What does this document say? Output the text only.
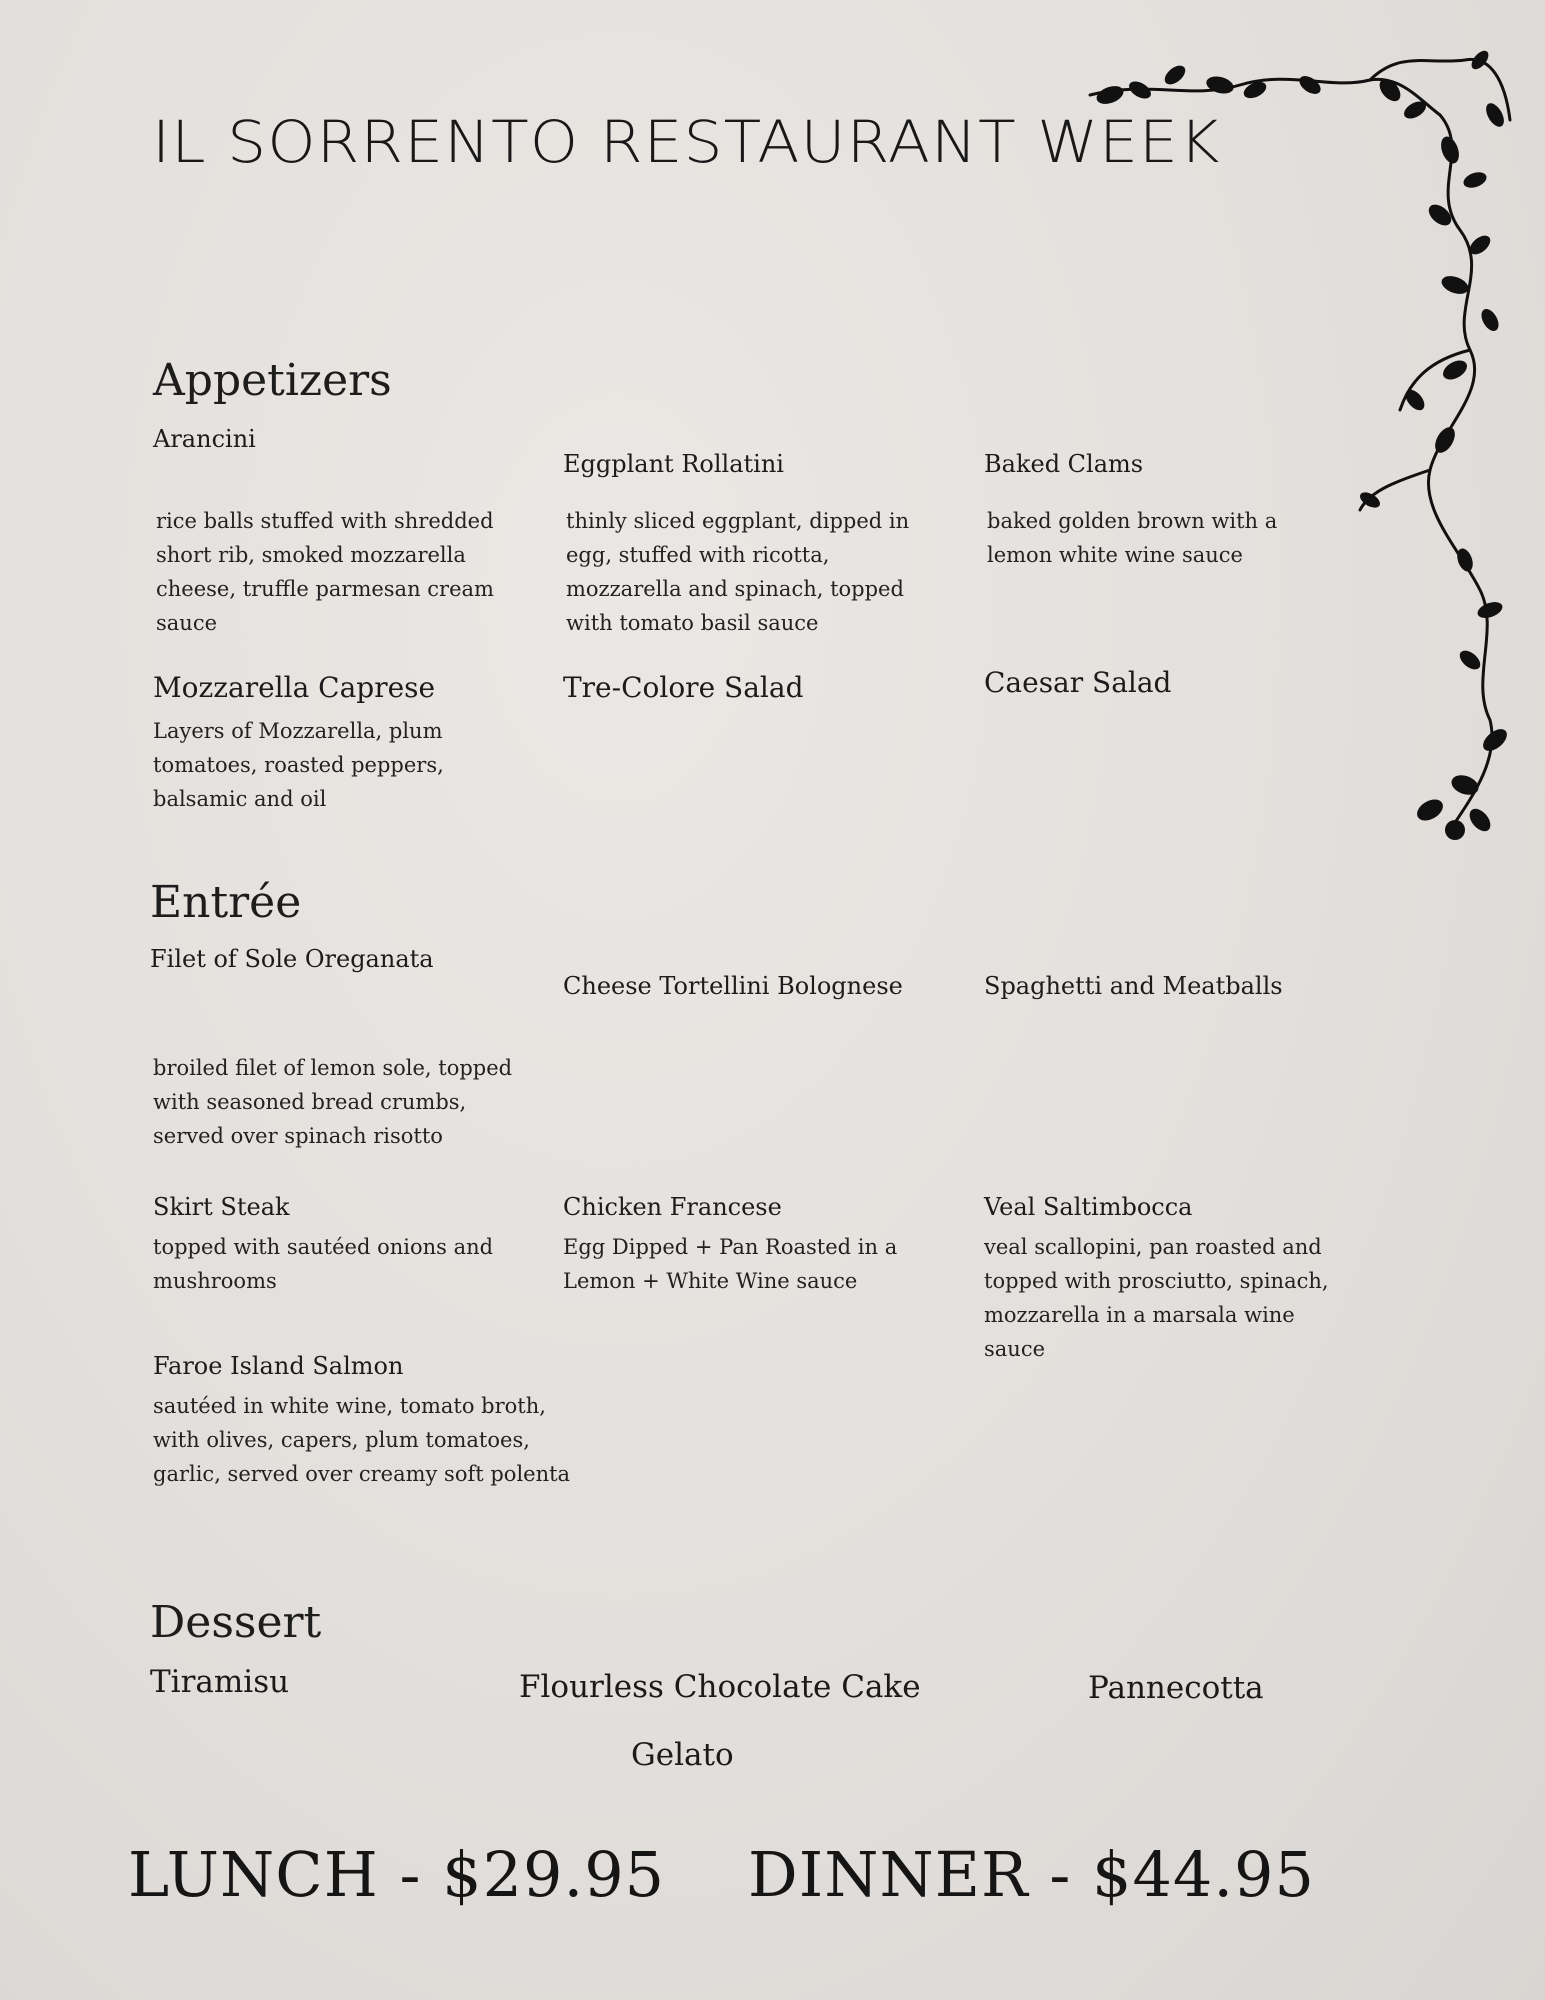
IL SORRENTO RESTAURANT WEEK
Appetizers
Arancini
rice balls stuffed with shredded short rib, smoked mozzarella cheese, truffle parmesan cream sauce
Eggplant Rollatini
thinly sliced eggplant, dipped in egg, stuffed with ricotta, mozzarella and spinach, topped with tomato basil sauce
Baked Clams
baked golden brown with a lemon white wine sauce
Mozzarella Caprese
Layers of Mozzarella, plum tomatoes, roasted peppers, balsamic and oil
Tre-Colore Salad	Caesar Salad
Entrée
Filet of Sole Oreganata
broiled filet of lemon sole, topped with seasoned bread crumbs, served over spinach risotto
Cheese Tortellini Bolognese	Spaghetti and Meatballs
Skirt Steak
topped with sautéed onions and mushrooms
Chicken Francese
Egg Dipped + Pan Roasted in a Lemon + White Wine sauce
Veal Saltimbocca
veal scallopini, pan roasted and topped with prosciutto, spinach, mozzarella in a marsala wine sauce
Faroe Island Salmon
sautéed in white wine, tomato broth, with olives, capers, plum tomatoes, garlic, served over creamy soft polenta
Dessert
Tiramisu	Flourless Chocolate Cake	Pannecotta
Gelato
LUNCH - $29.95 DINNER - $44.95
